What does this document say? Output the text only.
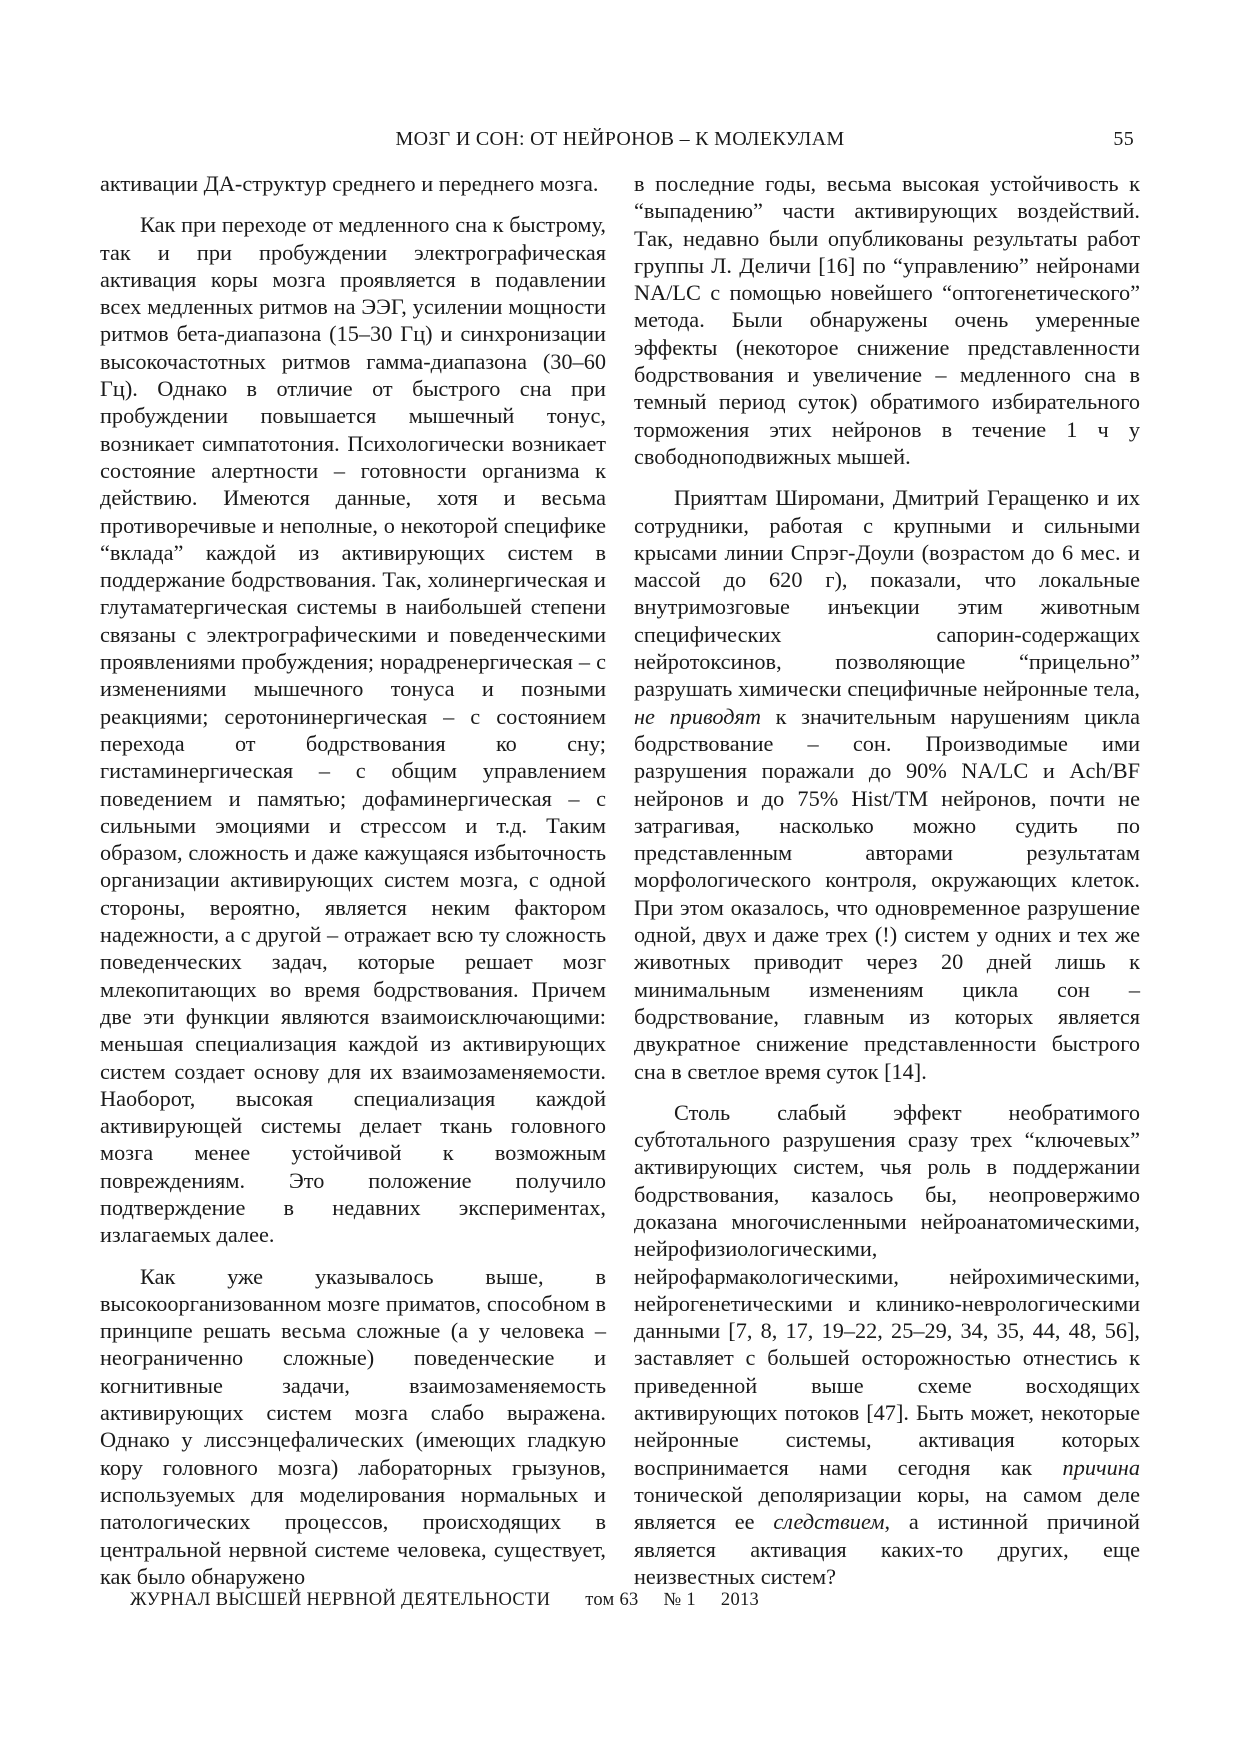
МОЗГ И СОН: ОТ НЕЙРОНОВ – К МОЛЕКУЛАМ	55

активации ДА-структур среднего и переднего мозга.

Как при переходе от медленного сна к быстрому, так и при пробуждении электрографическая активация коры мозга проявляется в подавлении всех медленных ритмов на ЭЭГ, усилении мощности ритмов бета-диапазона (15–30 Гц) и синхронизации высокочастотных ритмов гамма-диапазона (30–60 Гц). Однако в отличие от быстрого сна при пробуждении повышается мышечный тонус, возникает симпатотония. Психологически возникает состояние алертности – готовности организма к действию. Имеются данные, хотя и весьма противоречивые и неполные, о некоторой специфике “вклада” каждой из активирующих систем в поддержание бодрствования. Так, холинергическая и глутаматергическая системы в наибольшей степени связаны с электрографическими и поведенческими проявлениями пробуждения; норадренергическая – с изменениями мышечного тонуса и позными реакциями; серотонинергическая – с состоянием перехода от бодрствования ко сну; гистаминергическая – с общим управлением поведением и памятью; дофаминергическая – с сильными эмоциями и стрессом и т.д. Таким образом, сложность и даже кажущаяся избыточность организации активирующих систем мозга, с одной стороны, вероятно, является неким фактором надежности, а с другой – отражает всю ту сложность поведенческих задач, которые решает мозг млекопитающих во время бодрствования. Причем две эти функции являются взаимоисключающими: меньшая специализация каждой из активирующих систем создает основу для их взаимозаменяемости. Наоборот, высокая специализация каждой активирующей системы делает ткань головного мозга менее устойчивой к возможным повреждениям. Это положение получило подтверждение в недавних экспериментах, излагаемых далее.

Как уже указывалось выше, в высокоорганизованном мозге приматов, способном в принципе решать весьма сложные (а у человека – неограниченно сложные) поведенческие и когнитивные задачи, взаимозаменяемость активирующих систем мозга слабо выражена. Однако у лиссэнцефалических (имеющих гладкую кору головного мозга) лабораторных грызунов, используемых для моделирования нормальных и патологических процессов, происходящих в центральной нервной системе человека, существует, как было обнаружено

в последние годы, весьма высокая устойчивость к “выпадению” части активирующих воздействий. Так, недавно были опубликованы результаты работ группы Л. Деличи [16] по “управлению” нейронами NA/LC с помощью новейшего “оптогенетического” метода. Были обнаружены очень умеренные эффекты (некоторое снижение представленности бодрствования и увеличение – медленного сна в темный период суток) обратимого избирательного торможения этих нейронов в течение 1 ч у свободноподвижных мышей.

Прияттам Широмани, Дмитрий Геращенко и их сотрудники, работая с крупными и сильными крысами линии Спрэг-Доули (возрастом до 6 мес. и массой до 620 г), показали, что локальные внутримозговые инъекции этим животным специфических сапорин-содержащих нейротоксинов, позволяющие “прицельно” разрушать химически специфичные нейронные тела, не приводят к значительным нарушениям цикла бодрствование – сон. Производимые ими разрушения поражали до 90% NA/LC и Ach/BF нейронов и до 75% Hist/TM нейронов, почти не затрагивая, насколько можно судить по представленным авторами результатам морфологического контроля, окружающих клеток. При этом оказалось, что одновременное разрушение одной, двух и даже трех (!) систем у одних и тех же животных приводит через 20 дней лишь к минимальным изменениям цикла сон – бодрствование, главным из которых является двукратное снижение представленности быстрого сна в светлое время суток [14].

Столь слабый эффект необратимого субтотального разрушения сразу трех “ключевых” активирующих систем, чья роль в поддержании бодрствования, казалось бы, неопровержимо доказана многочисленными нейроанатомическими, нейрофизиологическими, нейрофармакологическими, нейрохимическими, нейрогенетическими и клинико-неврологическими данными [7, 8, 17, 19–22, 25–29, 34, 35, 44, 48, 56], заставляет с большей осторожностью отнестись к приведенной выше схеме восходящих активирующих потоков [47]. Быть может, некоторые нейронные системы, активация которых воспринимается нами сегодня как причина тонической деполяризации коры, на самом деле является ее следствием, а истинной причиной является активация каких-то других, еще неизвестных систем?

ЖУРНАЛ ВЫСШЕЙ НЕРВНОЙ ДЕЯТЕЛЬНОСТИ том 63 № 1 2013
